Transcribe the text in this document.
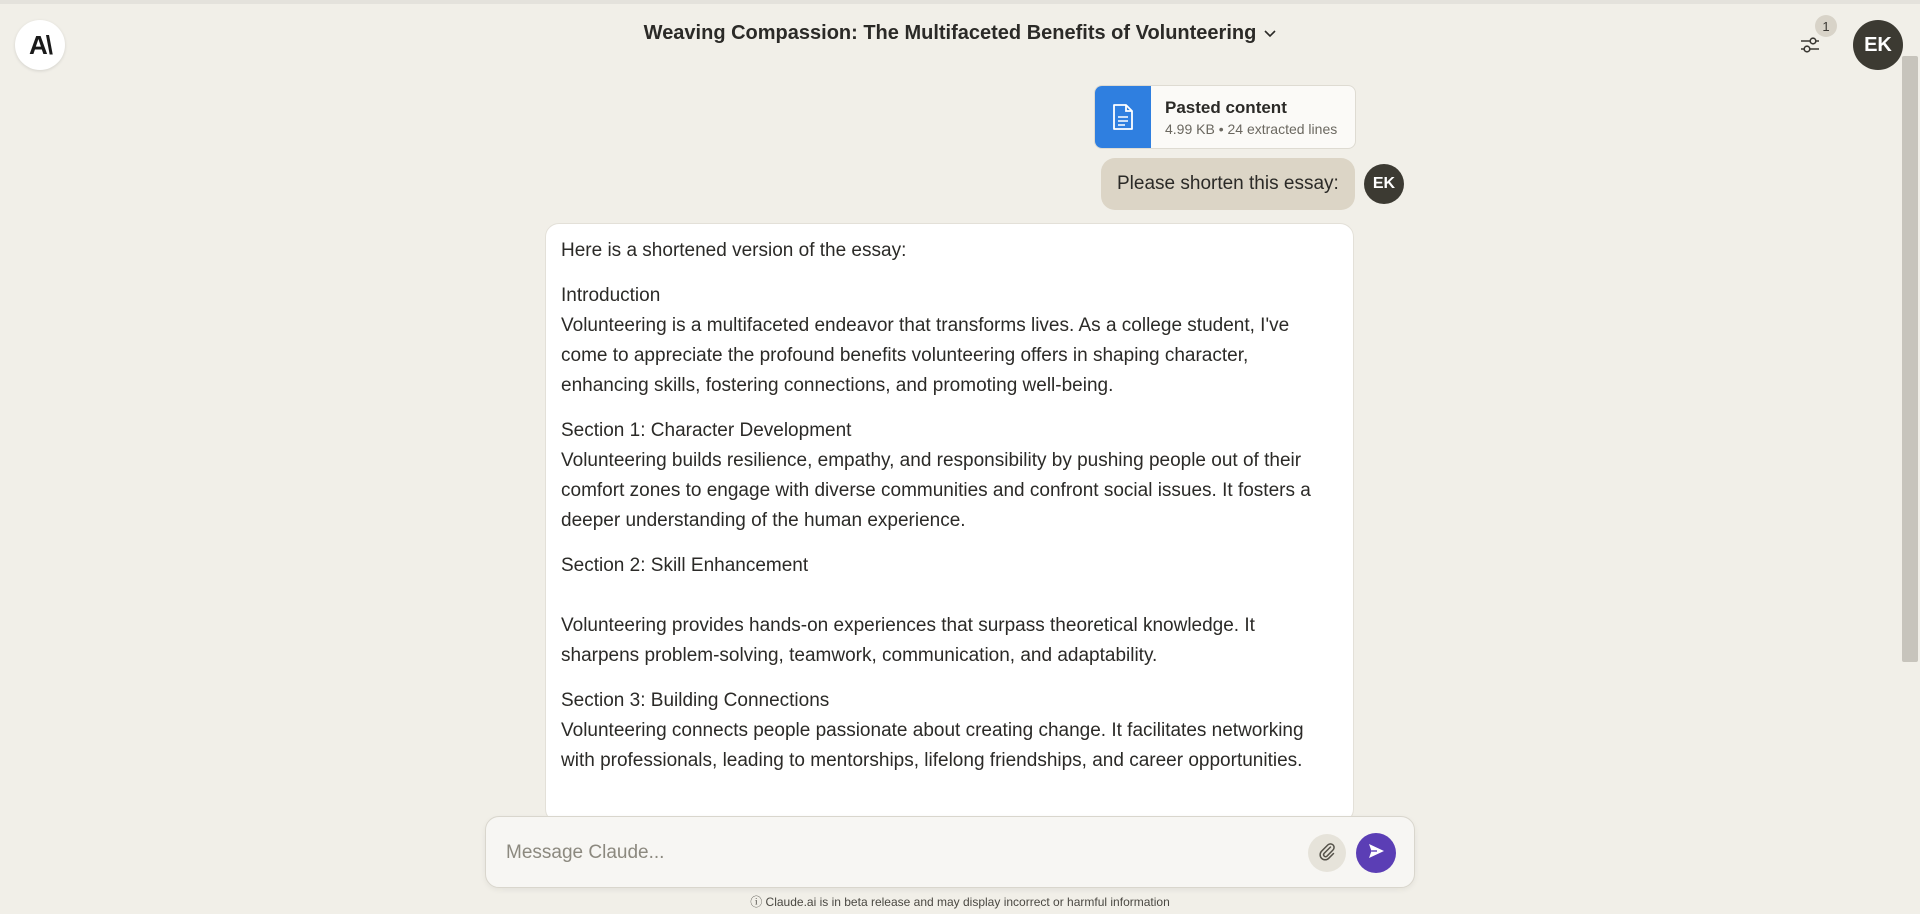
A\	Weaving Compassion: The Multifaceted Benefits of Volunteering	1
EK
Pasted content
4.99 KB • 24 extracted lines
Please shorten this essay:	EK

Here is a shortened version of the essay:

Introduction
Volunteering is a multifaceted endeavor that transforms lives. As a college student, I've come to appreciate the profound benefits volunteering offers in shaping character, enhancing skills, fostering connections, and promoting well-being.

Section 1: Character Development
Volunteering builds resilience, empathy, and responsibility by pushing people out of their comfort zones to engage with diverse communities and confront social issues. It fosters a deeper understanding of the human experience.

Section 2: Skill Enhancement
Volunteering provides hands-on experiences that surpass theoretical knowledge. It sharpens problem-solving, teamwork, communication, and adaptability.

Section 3: Building Connections
Volunteering connects people passionate about creating change. It facilitates networking with professionals, leading to mentorships, lifelong friendships, and career opportunities.

Message Claude...
ⓘ Claude.ai is in beta release and may display incorrect or harmful information
